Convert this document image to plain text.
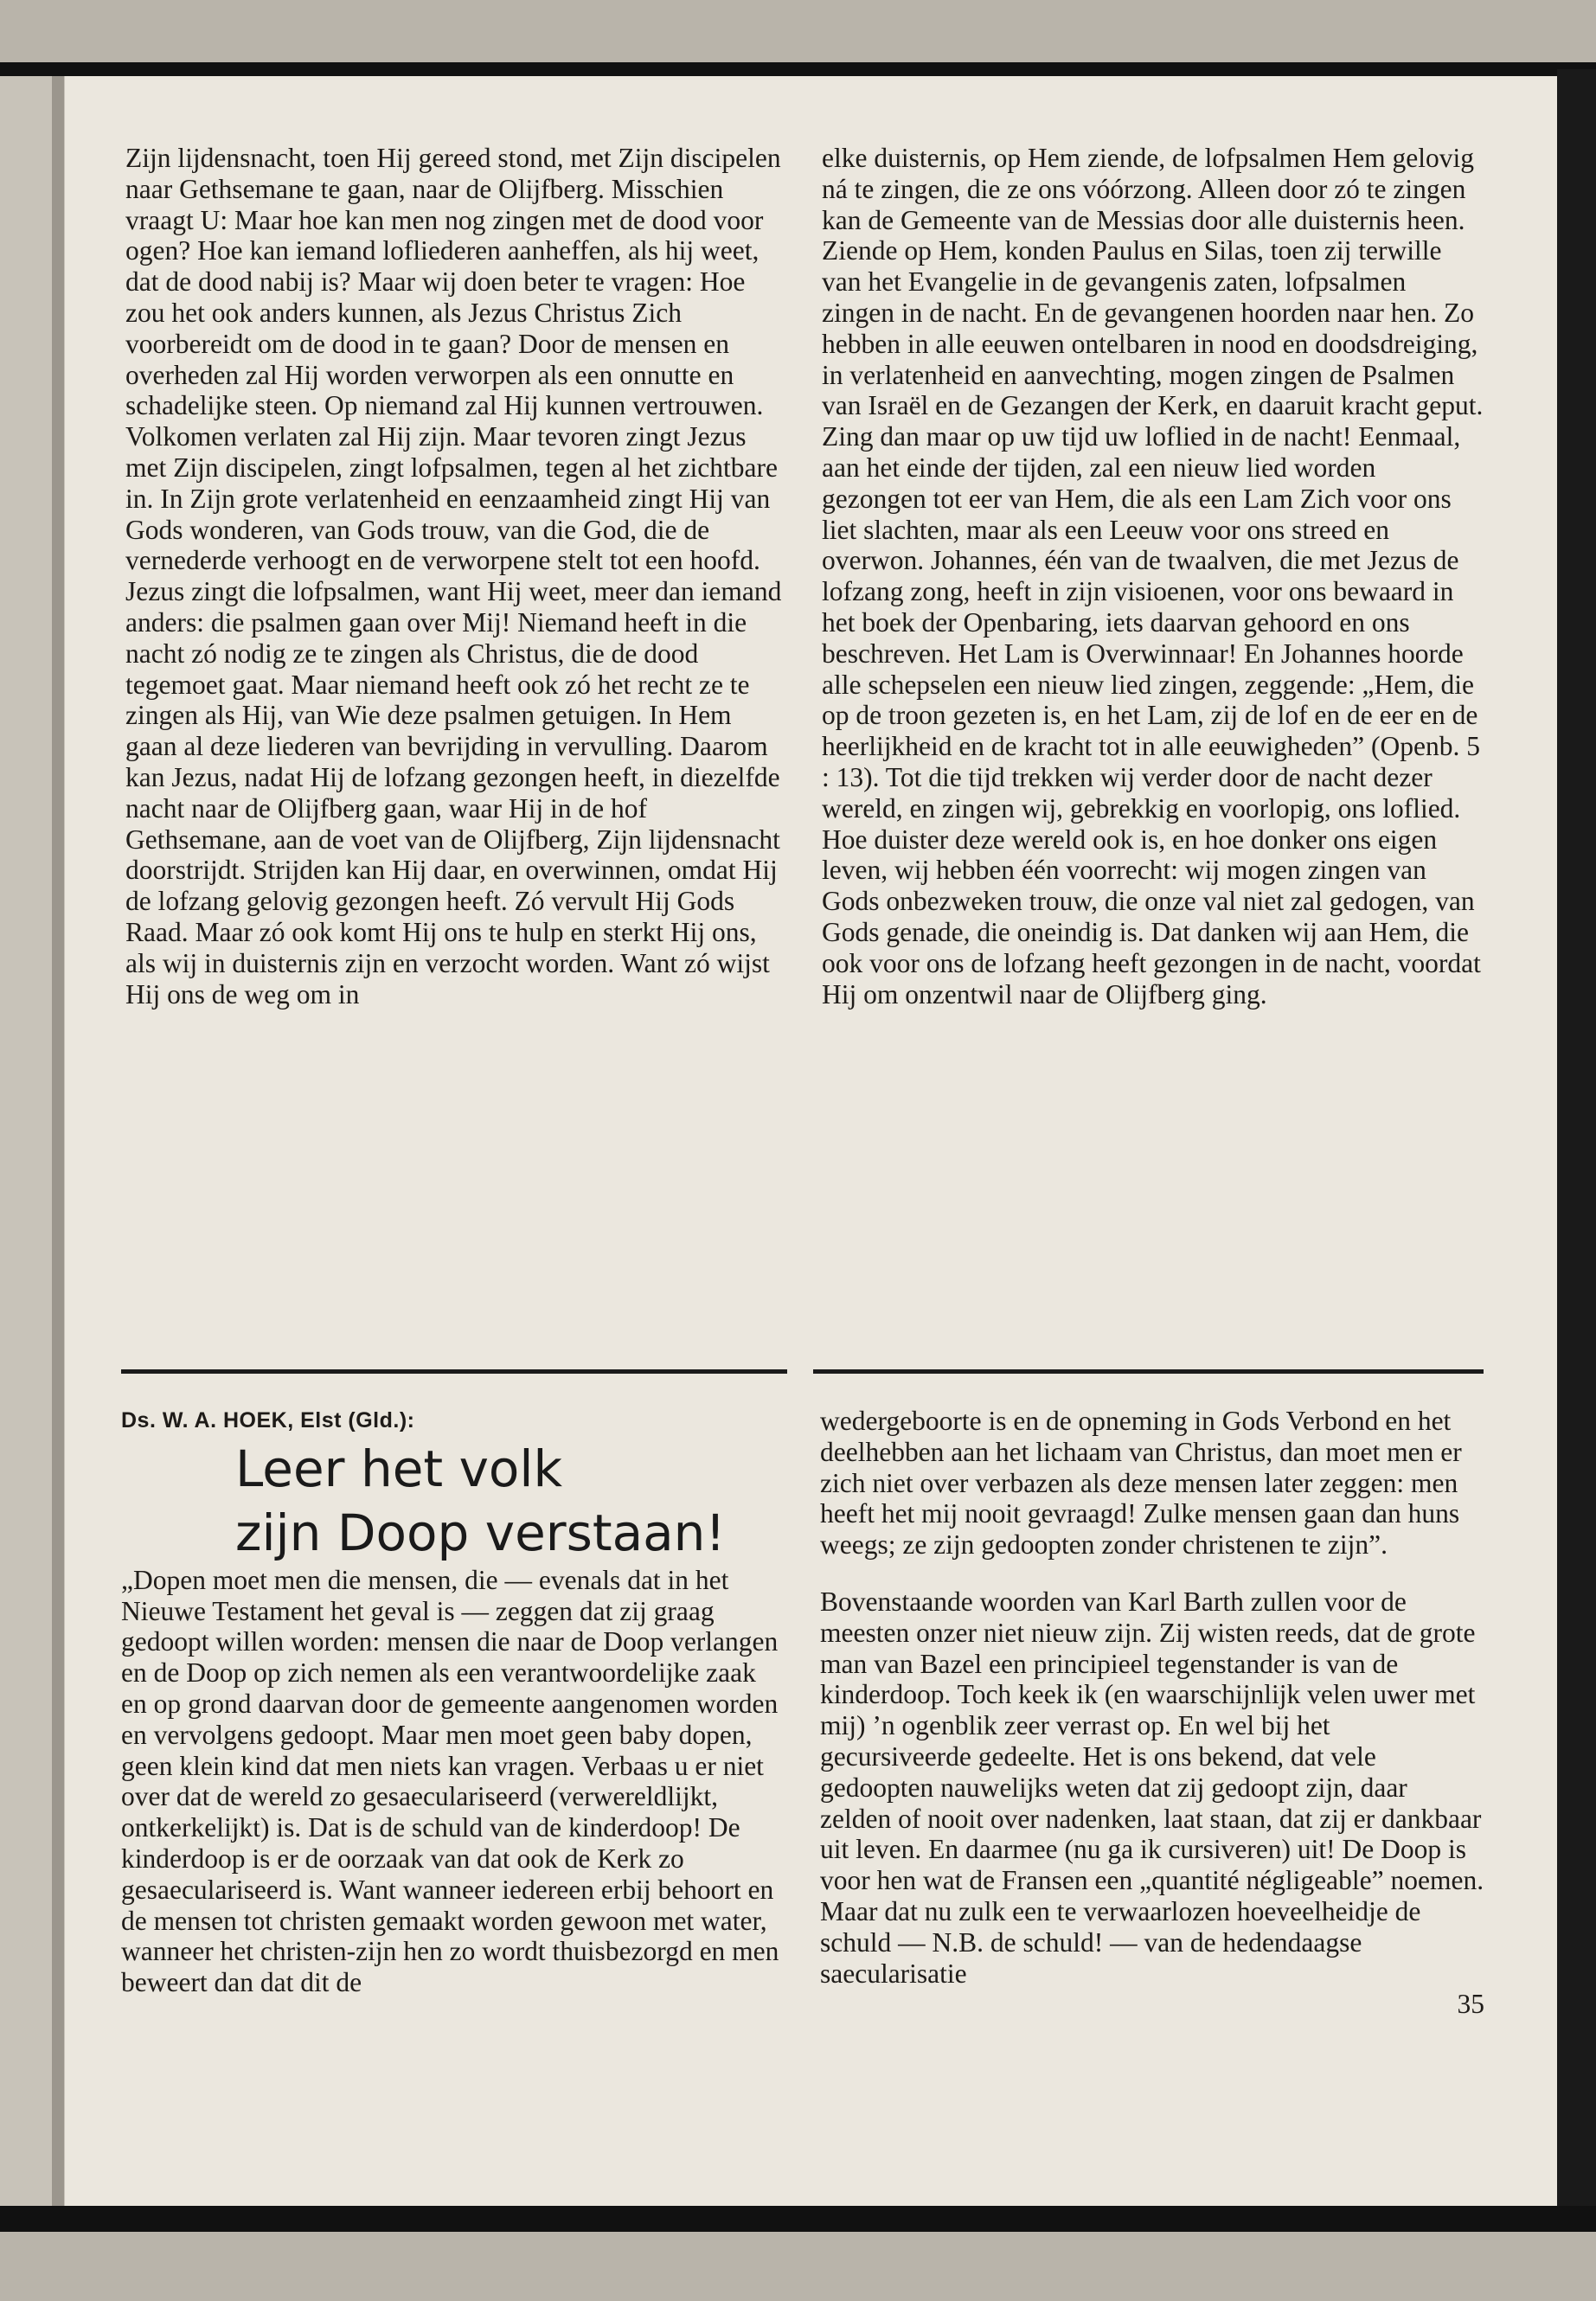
Zijn lijdensnacht, toen Hij gereed stond, met Zijn discipelen naar Gethsemane te gaan, naar de Olijfberg. Misschien vraagt U: Maar hoe kan men nog zingen met de dood voor ogen? Hoe kan iemand lofliederen aanheffen, als hij weet, dat de dood nabij is? Maar wij doen beter te vragen: Hoe zou het ook anders kunnen, als Jezus Christus Zich voorbereidt om de dood in te gaan? Door de mensen en overheden zal Hij worden verworpen als een onnutte en schadelijke steen. Op niemand zal Hij kunnen vertrouwen. Volkomen verlaten zal Hij zijn. Maar tevoren zingt Jezus met Zijn discipelen, zingt lofpsalmen, tegen al het zichtbare in. In Zijn grote verlatenheid en eenzaamheid zingt Hij van Gods wonderen, van Gods trouw, van die God, die de vernederde verhoogt en de verworpene stelt tot een hoofd. Jezus zingt die lofpsalmen, want Hij weet, meer dan iemand anders: die psalmen gaan over Mij! Niemand heeft in die nacht zó nodig ze te zingen als Christus, die de dood tegemoet gaat. Maar niemand heeft ook zó het recht ze te zingen als Hij, van Wie deze psalmen getuigen. In Hem gaan al deze liederen van bevrijding in vervulling. Daarom kan Jezus, nadat Hij de lofzang gezongen heeft, in diezelfde nacht naar de Olijfberg gaan, waar Hij in de hof Gethsemane, aan de voet van de Olijfberg, Zijn lijdensnacht doorstrijdt. Strijden kan Hij daar, en overwinnen, omdat Hij de lofzang gelovig gezongen heeft. Zó vervult Hij Gods Raad. Maar zó ook komt Hij ons te hulp en sterkt Hij ons, als wij in duisternis zijn en verzocht worden. Want zó wijst Hij ons de weg om in

elke duisternis, op Hem ziende, de lofpsalmen Hem gelovig ná te zingen, die ze ons vóórzong. Alleen door zó te zingen kan de Gemeente van de Messias door alle duisternis heen. Ziende op Hem, konden Paulus en Silas, toen zij terwille van het Evangelie in de gevangenis zaten, lofpsalmen zingen in de nacht. En de gevangenen hoorden naar hen. Zo hebben in alle eeuwen ontelbaren in nood en doodsdreiging, in verlatenheid en aanvechting, mogen zingen de Psalmen van Israël en de Gezangen der Kerk, en daaruit kracht geput. Zing dan maar op uw tijd uw loflied in de nacht! Eenmaal, aan het einde der tijden, zal een nieuw lied worden gezongen tot eer van Hem, die als een Lam Zich voor ons liet slachten, maar als een Leeuw voor ons streed en overwon. Johannes, één van de twaalven, die met Jezus de lofzang zong, heeft in zijn visioenen, voor ons bewaard in het boek der Openbaring, iets daarvan gehoord en ons beschreven. Het Lam is Overwinnaar! En Johannes hoorde alle schepselen een nieuw lied zingen, zeggende: „Hem, die op de troon gezeten is, en het Lam, zij de lof en de eer en de heerlijkheid en de kracht tot in alle eeuwigheden” (Openb. 5 : 13). Tot die tijd trekken wij verder door de nacht dezer wereld, en zingen wij, gebrekkig en voorlopig, ons loflied. Hoe duister deze wereld ook is, en hoe donker ons eigen leven, wij hebben één voorrecht: wij mogen zingen van Gods onbezweken trouw, die onze val niet zal gedogen, van Gods genade, die oneindig is. Dat danken wij aan Hem, die ook voor ons de lofzang heeft gezongen in de nacht, voordat Hij om onzentwil naar de Olijfberg ging.

Ds. W. A. HOEK, Elst (Gld.):

Leer het volk
zijn Doop verstaan!

„Dopen moet men die mensen, die — evenals dat in het Nieuwe Testament het geval is — zeggen dat zij graag gedoopt willen worden: mensen die naar de Doop verlangen en de Doop op zich nemen als een verantwoordelijke zaak en op grond daarvan door de gemeente aangenomen worden en vervolgens gedoopt. Maar men moet geen baby dopen, geen klein kind dat men niets kan vragen. Verbaas u er niet over dat de wereld zo gesaeculariseerd (verwereldlijkt, ontkerkelijkt) is. Dat is de schuld van de kinderdoop! De kinderdoop is er de oorzaak van dat ook de Kerk zo gesaeculariseerd is. Want wanneer iedereen erbij behoort en de mensen tot christen gemaakt worden gewoon met water, wanneer het christen-zijn hen zo wordt thuisbezorgd en men beweert dan dat dit de

wedergeboorte is en de opneming in Gods Verbond en het deelhebben aan het lichaam van Christus, dan moet men er zich niet over verbazen als deze mensen later zeggen: men heeft het mij nooit gevraagd! Zulke mensen gaan dan huns weegs; ze zijn gedoopten zonder christenen te zijn”.

Bovenstaande woorden van Karl Barth zullen voor de meesten onzer niet nieuw zijn. Zij wisten reeds, dat de grote man van Bazel een principieel tegenstander is van de kinderdoop. Toch keek ik (en waarschijnlijk velen uwer met mij) ’n ogenblik zeer verrast op. En wel bij het gecursiveerde gedeelte. Het is ons bekend, dat vele gedoopten nauwelijks weten dat zij gedoopt zijn, daar zelden of nooit over nadenken, laat staan, dat zij er dankbaar uit leven. En daarmee (nu ga ik cursiveren) uit! De Doop is voor hen wat de Fransen een „quantité négligeable” noemen. Maar dat nu zulk een te verwaarlozen hoeveelheidje de schuld — N.B. de schuld! — van de hedendaagse saecularisatie

35
